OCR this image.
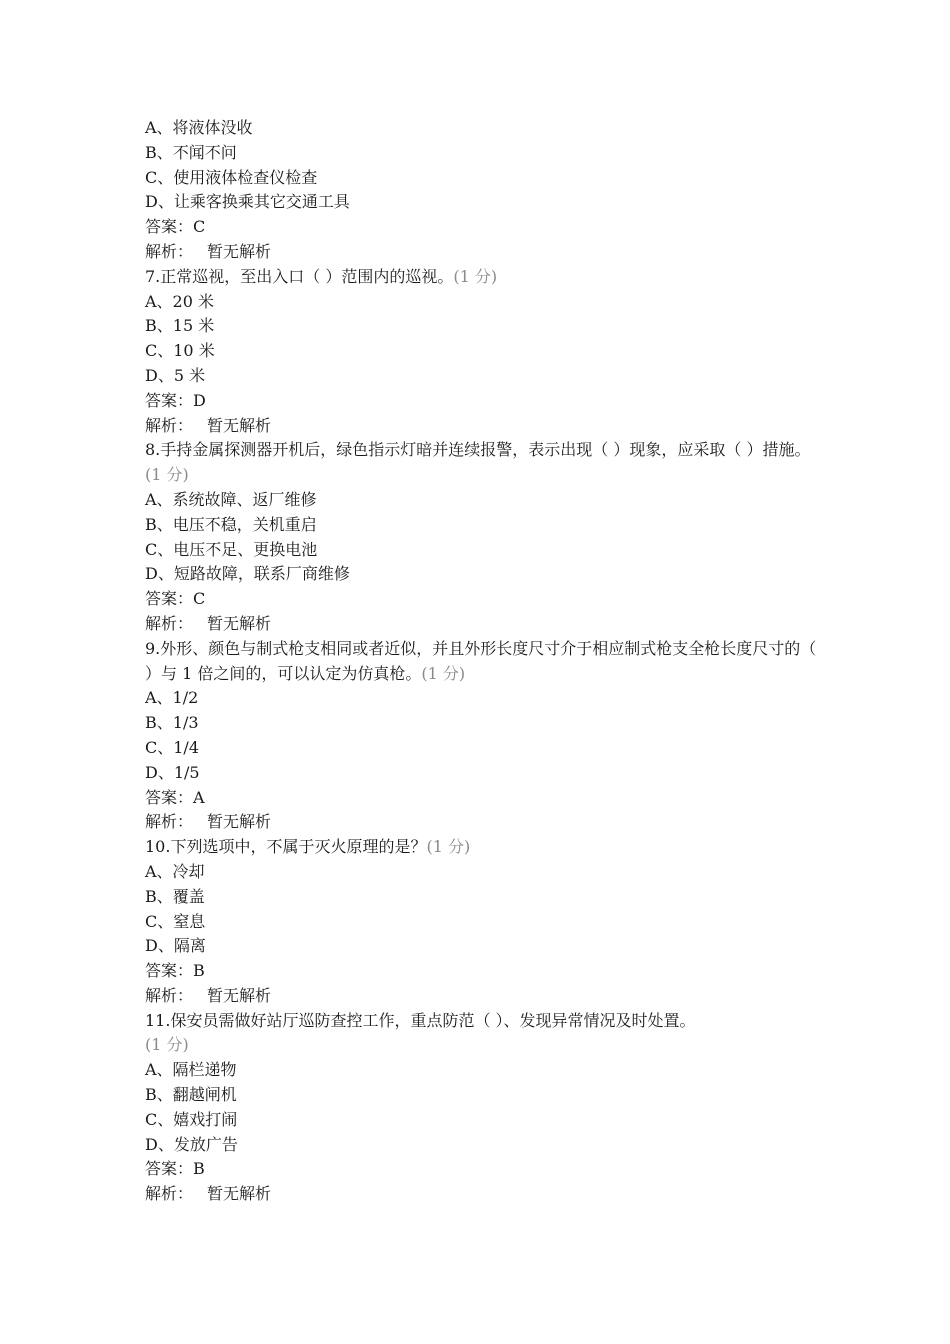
A、将液体没收
B、不闻不问
C、使用液体检查仪检查
D、让乘客换乘其它交通工具
答案：C
解析： 暂无解析
7.正常巡视，至出入口（ ）范围内的巡视。(1 分)
A、20 米
B、15 米
C、10 米
D、5 米
答案：D
解析： 暂无解析
8.手持金属探测器开机后，绿色指示灯暗并连续报警，表示出现（ ）现象，应采取（ ）措施。(1 分)
A、系统故障、返厂维修
B、电压不稳，关机重启
C、电压不足、更换电池
D、短路故障，联系厂商维修
答案：C
解析： 暂无解析
9.外形、颜色与制式枪支相同或者近似，并且外形长度尺寸介于相应制式枪支全枪长度尺寸的（ ）与 1 倍之间的，可以认定为仿真枪。(1 分)
A、1/2
B、1/3
C、1/4
D、1/5
答案：A
解析： 暂无解析
10.下列选项中，不属于灭火原理的是？(1 分)
A、冷却
B、覆盖
C、窒息
D、隔离
答案：B
解析： 暂无解析
11.保安员需做好站厅巡防查控工作，重点防范（ ）、发现异常情况及时处置。
(1 分)
A、隔栏递物
B、翻越闸机
C、嬉戏打闹
D、发放广告
答案：B
解析： 暂无解析
